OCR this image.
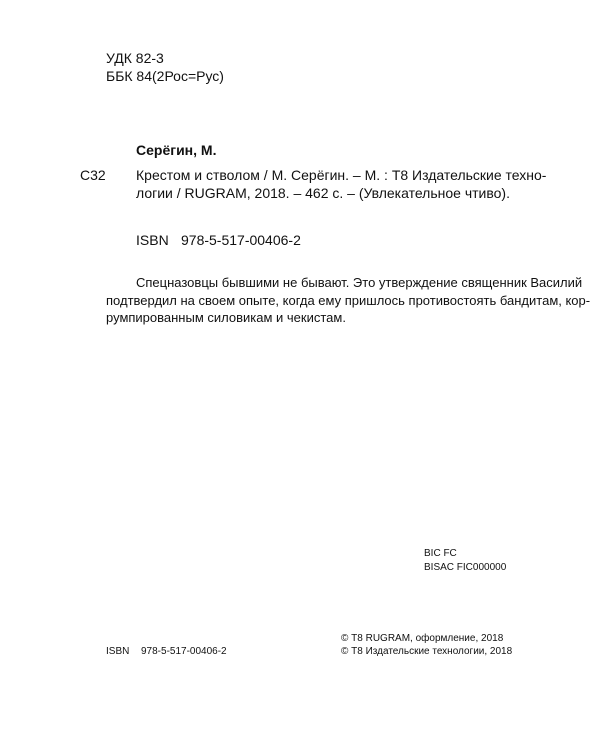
УДК 82-3
ББК 84(2Рос=Рус)
Серёгин, М.
С32 Крестом и стволом / М. Серёгин. – М. : Т8 Издательские техно-
логии / RUGRAM, 2018. – 462 с. – (Увлекательное чтиво).
ISBN 978-5-517-00406-2
Спецназовцы бывшими не бывают. Это утверждение священник Василий
подтвердил на своем опыте, когда ему пришлось противостоять бандитам, кор-
румпированным силовикам и чекистам.
BIC FC
BISAC FIC000000
ISBN 978-5-517-00406-2
© Т8 RUGRAM, оформление, 2018
© Т8 Издательские технологии, 2018
